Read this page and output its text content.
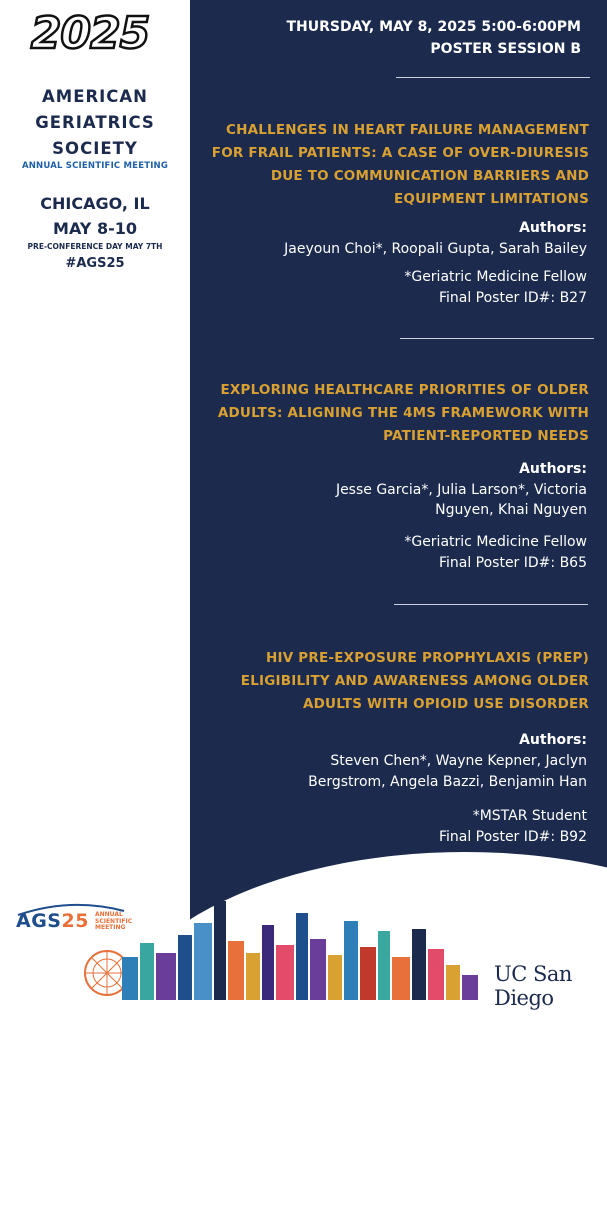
2025
AMERICAN
GERIATRICS
SOCIETY
ANNUAL SCIENTIFIC MEETING
CHICAGO, IL
MAY 8-10
PRE-CONFERENCE DAY MAY 7TH
#AGS25
THURSDAY, MAY 8, 2025 5:00-6:00PM
POSTER SESSION B
CHALLENGES IN HEART FAILURE MANAGEMENT
FOR FRAIL PATIENTS: A CASE OF OVER-DIURESIS
DUE TO COMMUNICATION BARRIERS AND
EQUIPMENT LIMITATIONS
Authors:
Jaeyoun Choi*, Roopali Gupta, Sarah Bailey
*Geriatric Medicine Fellow
Final Poster ID#: B27
EXPLORING HEALTHCARE PRIORITIES OF OLDER
ADULTS: ALIGNING THE 4MS FRAMEWORK WITH
PATIENT-REPORTED NEEDS
Authors:
Jesse Garcia*, Julia Larson*, Victoria
Nguyen, Khai Nguyen
*Geriatric Medicine Fellow
Final Poster ID#: B65
HIV PRE-EXPOSURE PROPHYLAXIS (PREP)
ELIGIBILITY AND AWARENESS AMONG OLDER
ADULTS WITH OPIOID USE DISORDER
Authors:
Steven Chen*, Wayne Kepner, Jaclyn
Bergstrom, Angela Bazzi, Benjamin Han
*MSTAR Student
Final Poster ID#: B92
AGS25 ANNUAL
SCIENTIFIC
MEETING
UC San Diego
